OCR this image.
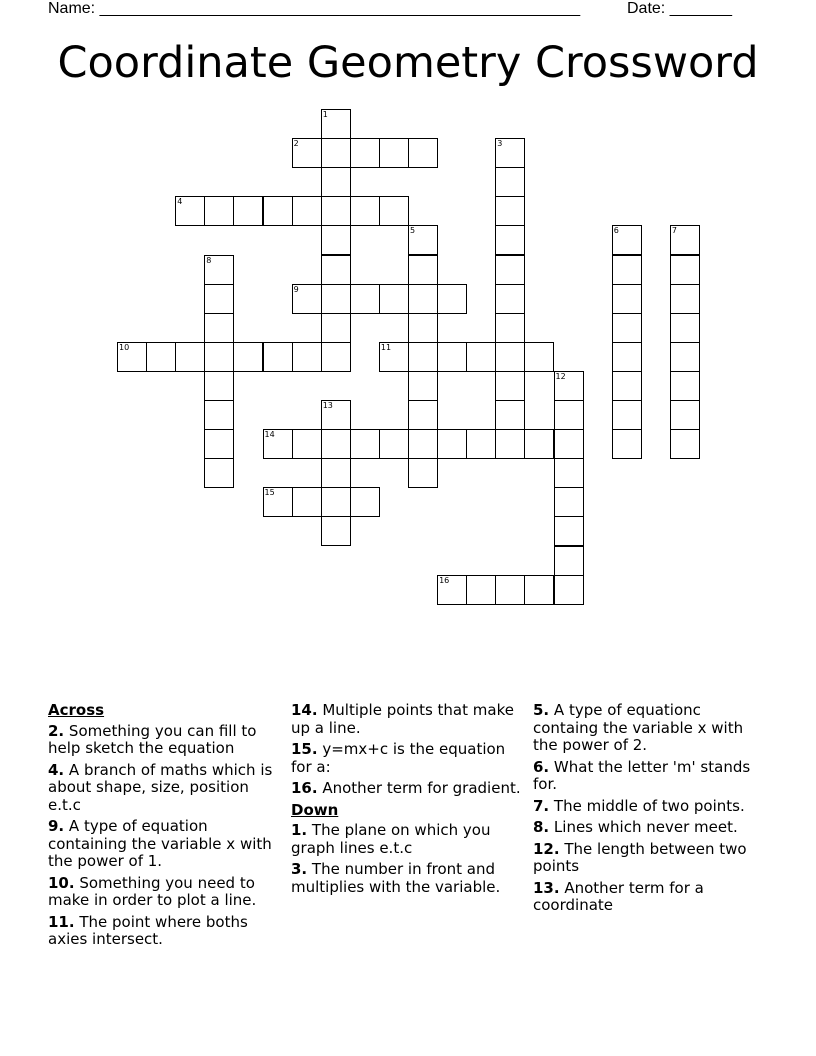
Name: ______________________________________________________	Date: _______
Coordinate Geometry Crossword
1
2	3
4
5	6	7
8
9
10	11
12
13
14
15
16
Across
2. Something you can fill to help sketch the equation
4. A branch of maths which is about shape, size, position e.t.c
9. A type of equation containing the variable x with the power of 1.
10. Something you need to make in order to plot a line.
11. The point where boths axies intersect.
14. Multiple points that make up a line.
15. y=mx+c is the equation for a:
16. Another term for gradient.
Down
1. The plane on which you graph lines e.t.c
3. The number in front and multiplies with the variable.
5. A type of equationc containg the variable x with the power of 2.
6. What the letter 'm' stands for.
7. The middle of two points.
8. Lines which never meet.
12. The length between two points
13. Another term for a coordinate
